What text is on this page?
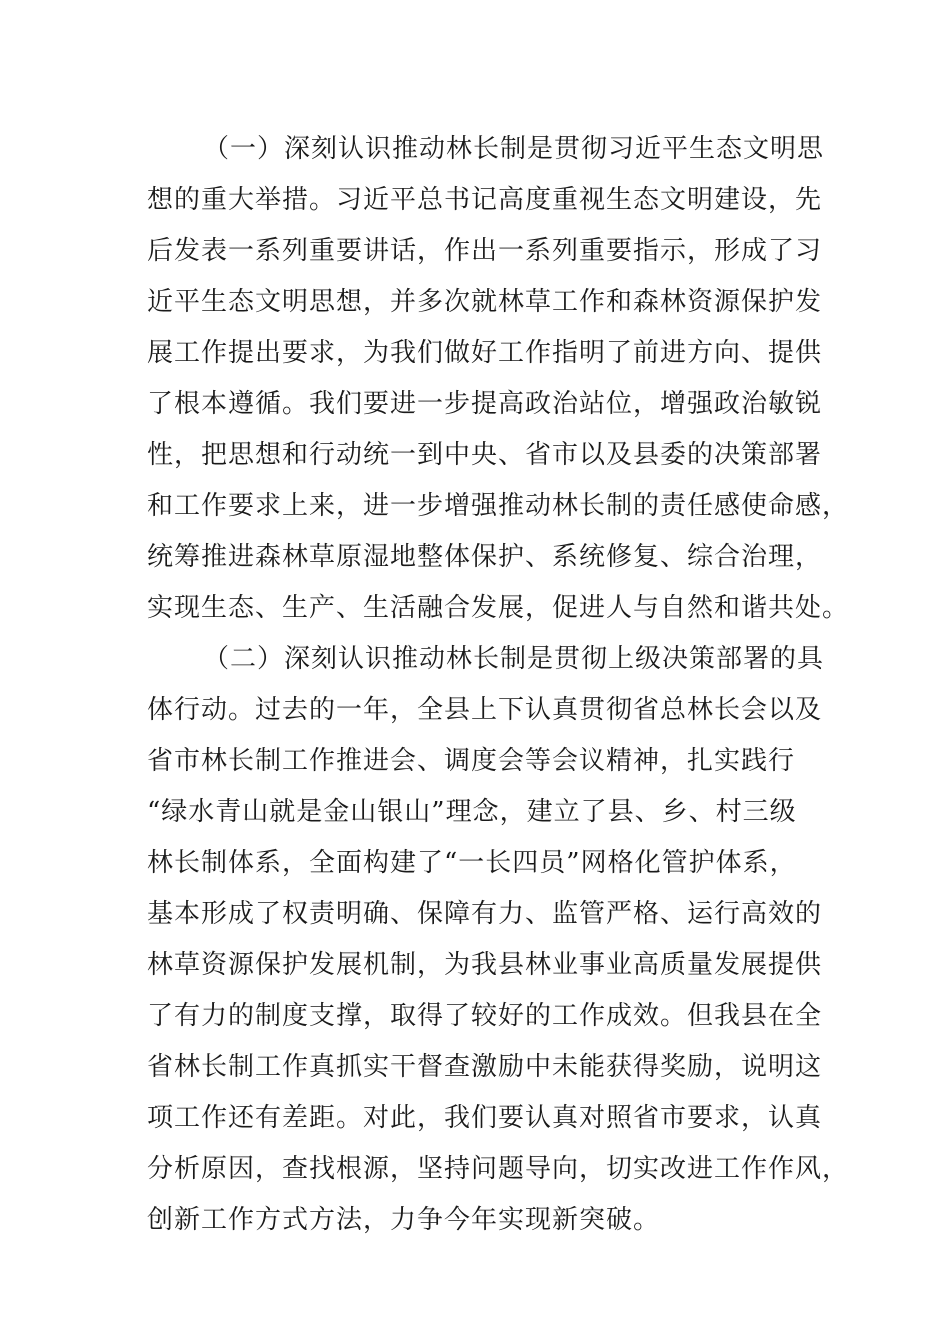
（一）深刻认识推动林长制是贯彻习近平生态文明思
想的重大举措。习近平总书记高度重视生态文明建设，先
后发表一系列重要讲话，作出一系列重要指示，形成了习
近平生态文明思想，并多次就林草工作和森林资源保护发
展工作提出要求，为我们做好工作指明了前进方向、提供
了根本遵循。我们要进一步提高政治站位，增强政治敏锐
性，把思想和行动统一到中央、省市以及县委的决策部署
和工作要求上来，进一步增强推动林长制的责任感使命感，
统筹推进森林草原湿地整体保护、系统修复、综合治理，
实现生态、生产、生活融合发展，促进人与自然和谐共处。
（二）深刻认识推动林长制是贯彻上级决策部署的具
体行动。过去的一年，全县上下认真贯彻省总林长会以及
省市林长制工作推进会、调度会等会议精神，扎实践行
“绿水青山就是金山银山”理念，建立了县、乡、村三级
林长制体系，全面构建了“一长四员”网格化管护体系，
基本形成了权责明确、保障有力、监管严格、运行高效的
林草资源保护发展机制，为我县林业事业高质量发展提供
了有力的制度支撑，取得了较好的工作成效。但我县在全
省林长制工作真抓实干督查激励中未能获得奖励，说明这
项工作还有差距。对此，我们要认真对照省市要求，认真
分析原因，查找根源，坚持问题导向，切实改进工作作风，
创新工作方式方法，力争今年实现新突破。
